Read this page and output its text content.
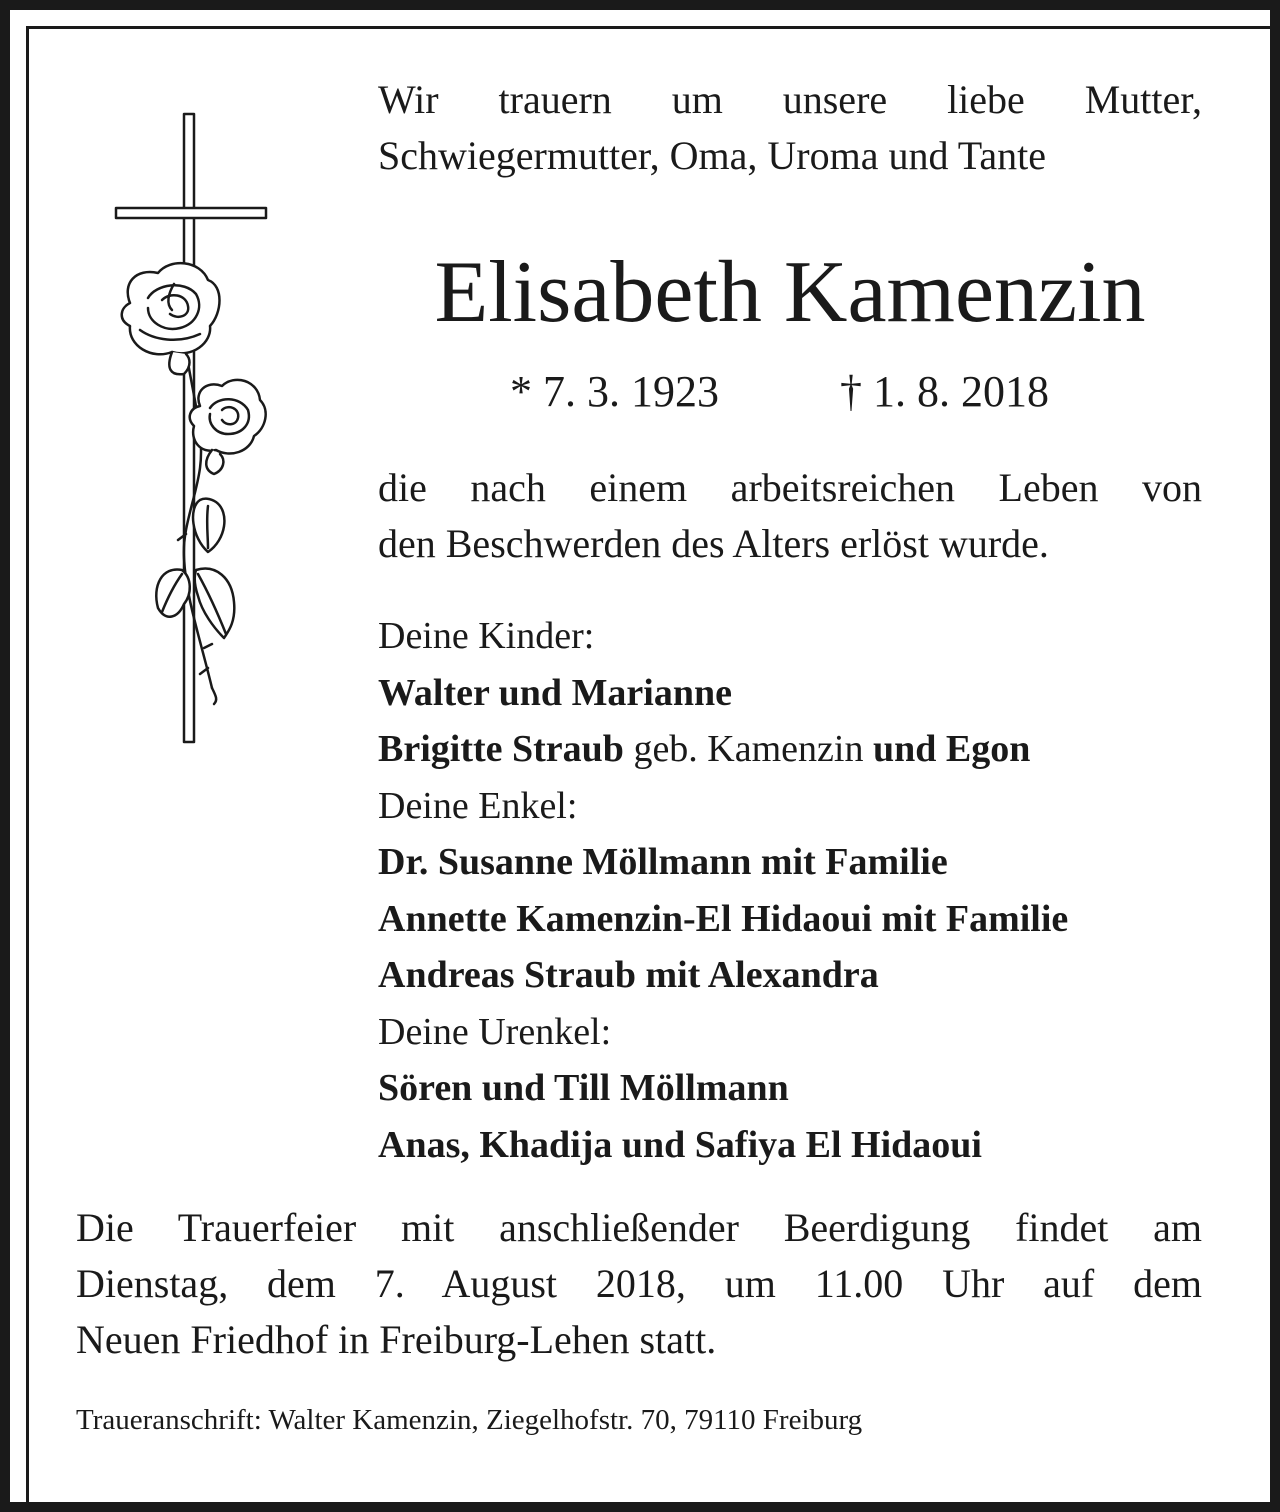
Wir trauern um unsere liebe Mutter,
Schwiegermutter, Oma, Uroma und Tante
Elisabeth Kamenzin
* 7. 3. 1923	† 1. 8. 2018
die nach einem arbeitsreichen Leben von
den Beschwerden des Alters erlöst wurde.
Deine Kinder:
Walter und Marianne
Brigitte Straub geb. Kamenzin und Egon
Deine Enkel:
Dr. Susanne Möllmann mit Familie
Annette Kamenzin-El Hidaoui mit Familie
Andreas Straub mit Alexandra
Deine Urenkel:
Sören und Till Möllmann
Anas, Khadija und Safiya El Hidaoui
Die Trauerfeier mit anschließender Beerdigung findet am
Dienstag, dem 7. August 2018, um 11.00 Uhr auf dem
Neuen Friedhof in Freiburg-Lehen statt.
Traueranschrift: Walter Kamenzin, Ziegelhofstr. 70, 79110 Freiburg
